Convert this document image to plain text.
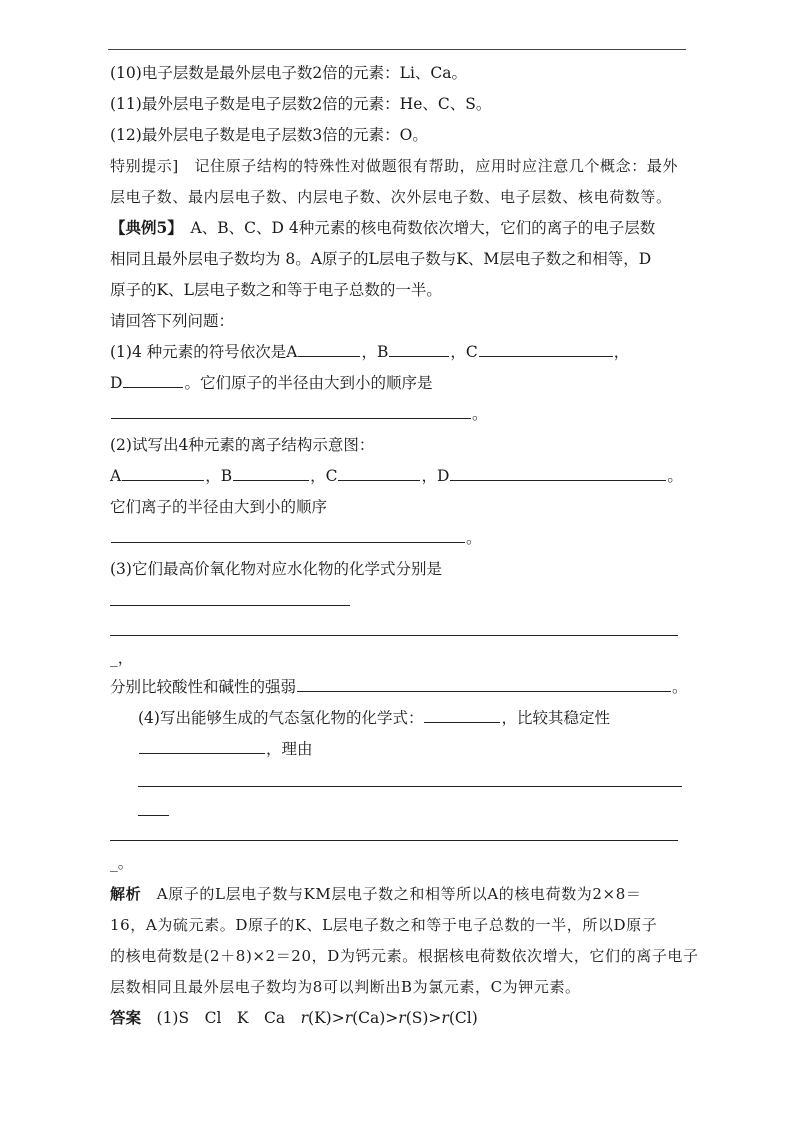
(10)电子层数是最外层电子数2倍的元素：Li、Ca。
(11)最外层电子数是电子层数2倍的元素：He、C、S。
(12)最外层电子数是电子层数3倍的元素：O。
特别提示]　记住原子结构的特殊性对做题很有帮助，应用时应注意几个概念：最外
层电子数、最内层电子数、内层电子数、次外层电子数、电子层数、核电荷数等。
【典例5】　A、B、C、D 4种元素的核电荷数依次增大，它们的离子的电子层数
相同且最外层电子数均为 8。A原子的L层电子数与K、M层电子数之和相等，D
原子的K、L层电子数之和等于电子总数的一半。
请回答下列问题：
(1)4 种元素的符号依次是A	，B	，C	，
D	。它们原子的半径由大到小的顺序是
。
(2)试写出4种元素的离子结构示意图：
A	，B	，C	，D	。
它们离子的半径由大到小的顺序
。
(3)它们最高价氧化物对应水化物的化学式分别是
_，
分别比较酸性和碱性的强弱	。
(4)写出能够生成的气态氢化物的化学式：	，比较其稳定性
，理由
_。
解析　A原子的L层电子数与KM层电子数之和相等所以A的核电荷数为2×8＝
16，A为硫元素。D原子的K、L层电子数之和等于电子总数的一半，所以D原子
的核电荷数是(2＋8)×2＝20，D为钙元素。根据核电荷数依次增大，它们的离子电子
层数相同且最外层电子数均为8可以判断出B为氯元素，C为钾元素。
答案　(1)S　Cl　K　Ca　r(K)>r(Ca)>r(S)>r(Cl)
